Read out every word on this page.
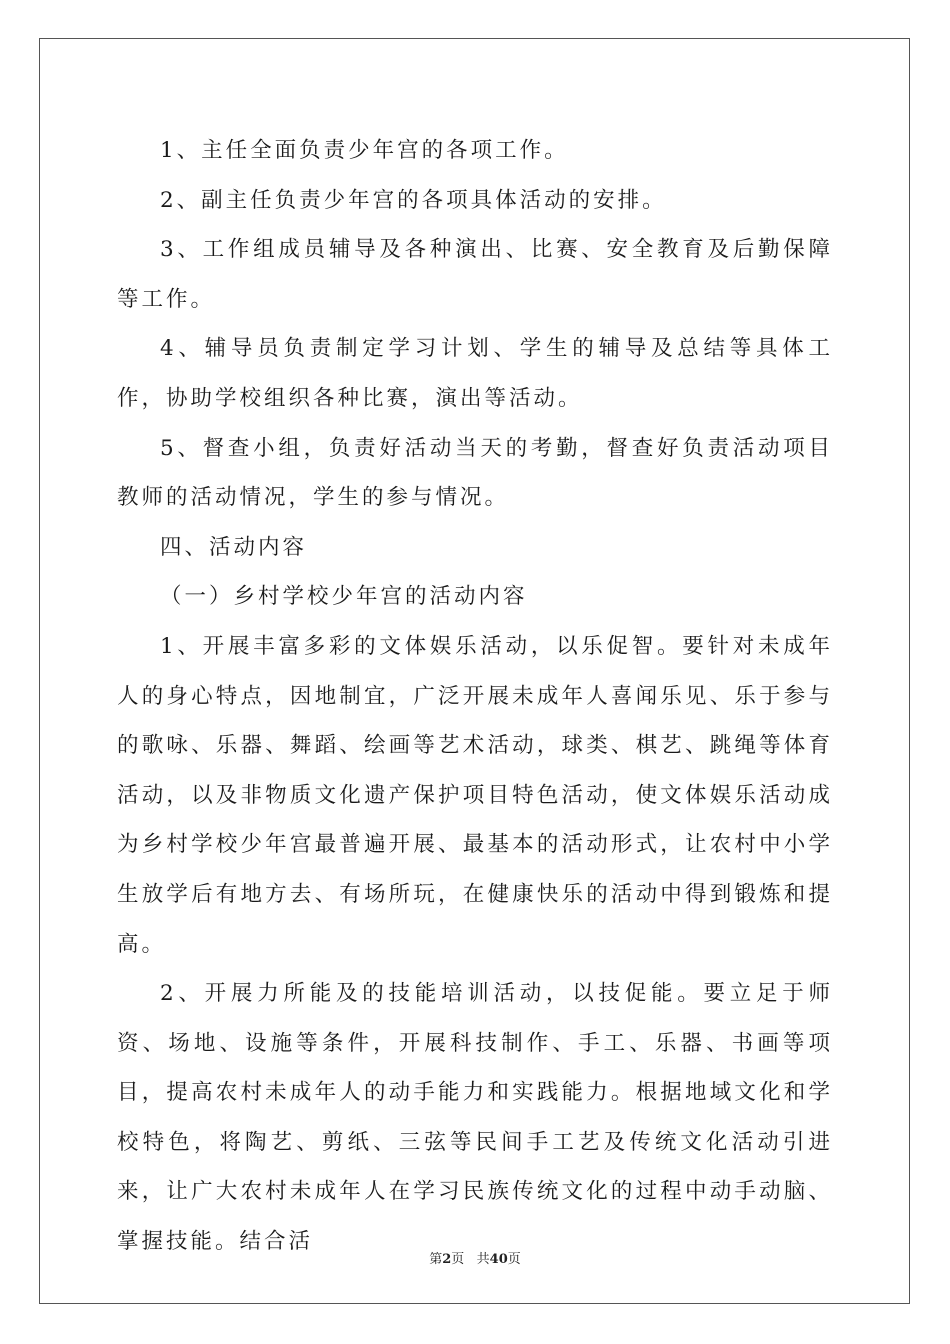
1、主任全面负责少年宫的各项工作。

2、副主任负责少年宫的各项具体活动的安排。

3、工作组成员辅导及各种演出、比赛、安全教育及后勤保障等工作。

4、辅导员负责制定学习计划、学生的辅导及总结等具体工作，协助学校组织各种比赛，演出等活动。

5、督查小组，负责好活动当天的考勤，督查好负责活动项目教师的活动情况，学生的参与情况。

四、活动内容

（一）乡村学校少年宫的活动内容

1、开展丰富多彩的文体娱乐活动，以乐促智。要针对未成年人的身心特点，因地制宜，广泛开展未成年人喜闻乐见、乐于参与的歌咏、乐器、舞蹈、绘画等艺术活动，球类、棋艺、跳绳等体育活动，以及非物质文化遗产保护项目特色活动，使文体娱乐活动成为乡村学校少年宫最普遍开展、最基本的活动形式，让农村中小学生放学后有地方去、有场所玩，在健康快乐的活动中得到锻炼和提高。

2、开展力所能及的技能培训活动，以技促能。要立足于师资、场地、设施等条件，开展科技制作、手工、乐器、书画等项目，提高农村未成年人的动手能力和实践能力。根据地域文化和学校特色，将陶艺、剪纸、三弦等民间手工艺及传统文化活动引进来，让广大农村未成年人在学习民族传统文化的过程中动手动脑、掌握技能。结合活

第2页   共40页
